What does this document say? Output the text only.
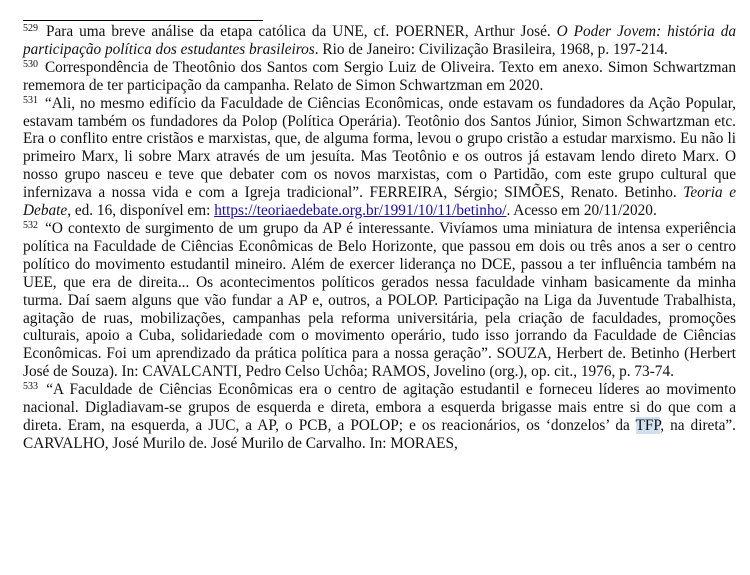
$^{529}$ Para uma breve análise da etapa católica da UNE, cf. POERNER, Arthur José. O Poder Jovem: história da participação política dos estudantes brasileiros. Rio de Janeiro: Civilização Brasileira, 1968, p. 197-214.

$^{530}$ Correspondência de Theotônio dos Santos com Sergio Luiz de Oliveira. Texto em anexo. Simon Schwartzman rememora de ter participação da campanha. Relato de Simon Schwartzman em 2020.

$^{531}$ “Ali, no mesmo edifício da Faculdade de Ciências Econômicas, onde estavam os fundadores da Ação Popular, estavam também os fundadores da Polop (Política Operária). Teotônio dos Santos Júnior, Simon Schwartzman etc. Era o conflito entre cristãos e marxistas, que, de alguma forma, levou o grupo cristão a estudar marxismo. Eu não li primeiro Marx, li sobre Marx através de um jesuíta. Mas Teotônio e os outros já estavam lendo direto Marx. O nosso grupo nasceu e teve que debater com os novos marxistas, com o Partidão, com este grupo cultural que infernizava a nossa vida e com a Igreja tradicional”. FERREIRA, Sérgio; SIMÕES, Renato. Betinho. Teoria e Debate, ed. 16, disponível em: https://teoriaedebate.org.br/1991/10/11/betinho/. Acesso em 20/11/2020.

$^{532}$ “O contexto de surgimento de um grupo da AP é interessante. Vivíamos uma miniatura de intensa experiência política na Faculdade de Ciências Econômicas de Belo Horizonte, que passou em dois ou três anos a ser o centro político do movimento estudantil mineiro. Além de exercer liderança no DCE, passou a ter influência também na UEE, que era de direita... Os acontecimentos políticos gerados nessa faculdade vinham basicamente da minha turma. Daí saem alguns que vão fundar a AP e, outros, a POLOP. Participação na Liga da Juventude Trabalhista, agitação de ruas, mobilizações, campanhas pela reforma universitária, pela criação de faculdades, promoções culturais, apoio a Cuba, solidariedade com o movimento operário, tudo isso jorrando da Faculdade de Ciências Econômicas. Foi um aprendizado da prática política para a nossa geração”. SOUZA, Herbert de. Betinho (Herbert José de Souza). In: CAVALCANTI, Pedro Celso Uchôa; RAMOS, Jovelino (org.), op. cit., 1976, p. 73-74.

$^{533}$ “A Faculdade de Ciências Econômicas era o centro de agitação estudantil e forneceu líderes ao movimento nacional. Digladiavam-se grupos de esquerda e direta, embora a esquerda brigasse mais entre si do que com a direta. Eram, na esquerda, a JUC, a AP, o PCB, a POLOP; e os reacionários, os ‘donzelos’ da TFP, na direta”. CARVALHO, José Murilo de. José Murilo de Carvalho. In: MORAES,
